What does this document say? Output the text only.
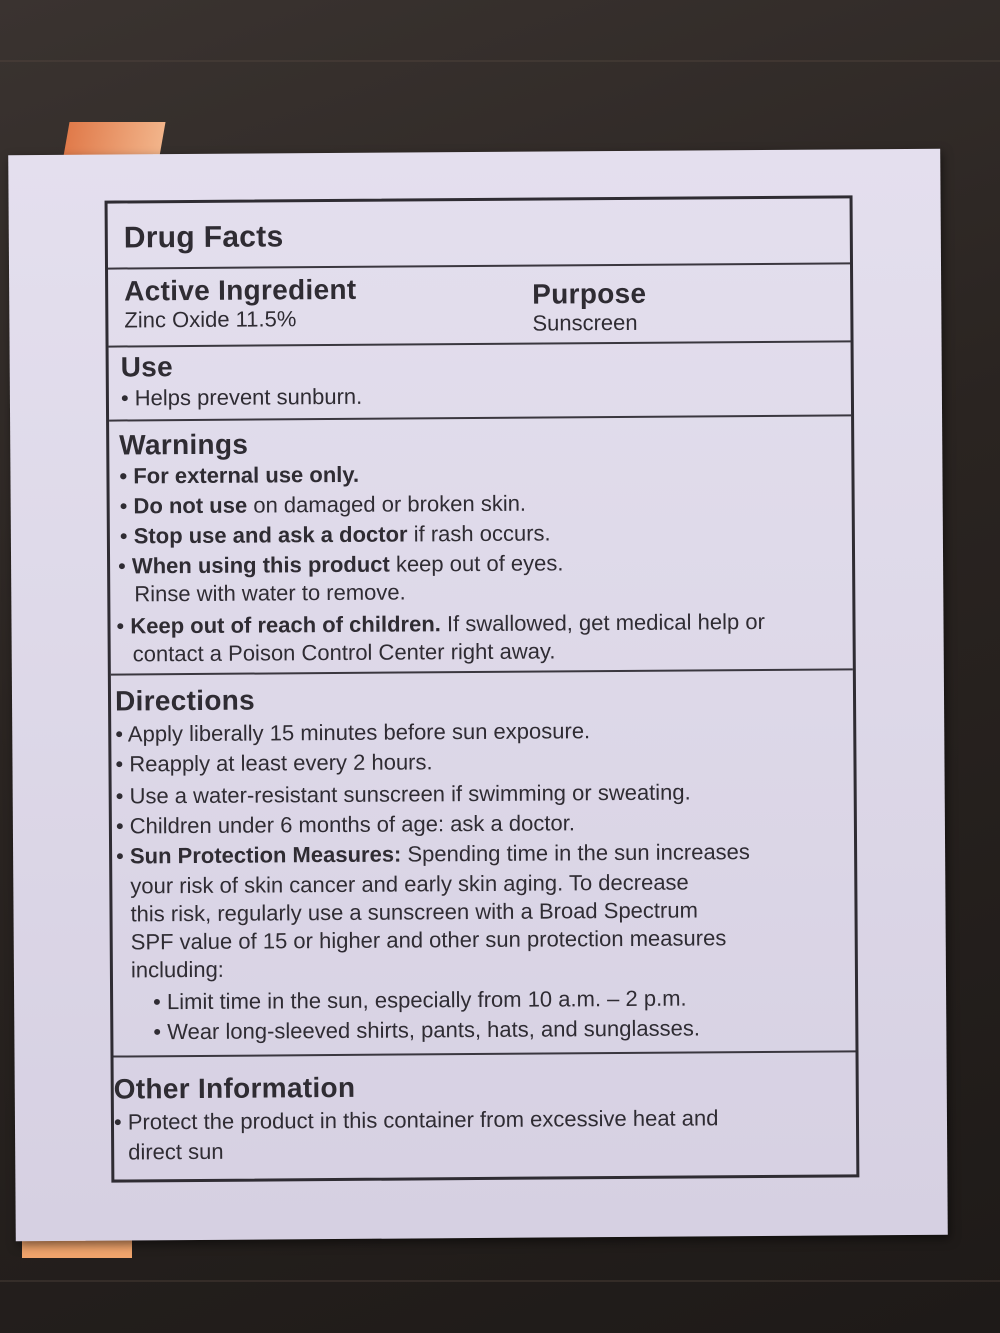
Drug Facts
Active Ingredient
Zinc Oxide 11.5%
Purpose
Sunscreen
Use
• Helps prevent sunburn.
Warnings
• For external use only.
• Do not use on damaged or broken skin.
• Stop use and ask a doctor if rash occurs.
• When using this product keep out of eyes.
Rinse with water to remove.
• Keep out of reach of children. If swallowed, get medical help or
contact a Poison Control Center right away.
Directions
• Apply liberally 15 minutes before sun exposure.
• Reapply at least every 2 hours.
• Use a water-resistant sunscreen if swimming or sweating.
• Children under 6 months of age: ask a doctor.
• Sun Protection Measures: Spending time in the sun increases
your risk of skin cancer and early skin aging. To decrease
this risk, regularly use a sunscreen with a Broad Spectrum
SPF value of 15 or higher and other sun protection measures
including:
• Limit time in the sun, especially from 10 a.m. – 2 p.m.
• Wear long-sleeved shirts, pants, hats, and sunglasses.
Other Information
• Protect the product in this container from excessive heat and
direct sun
